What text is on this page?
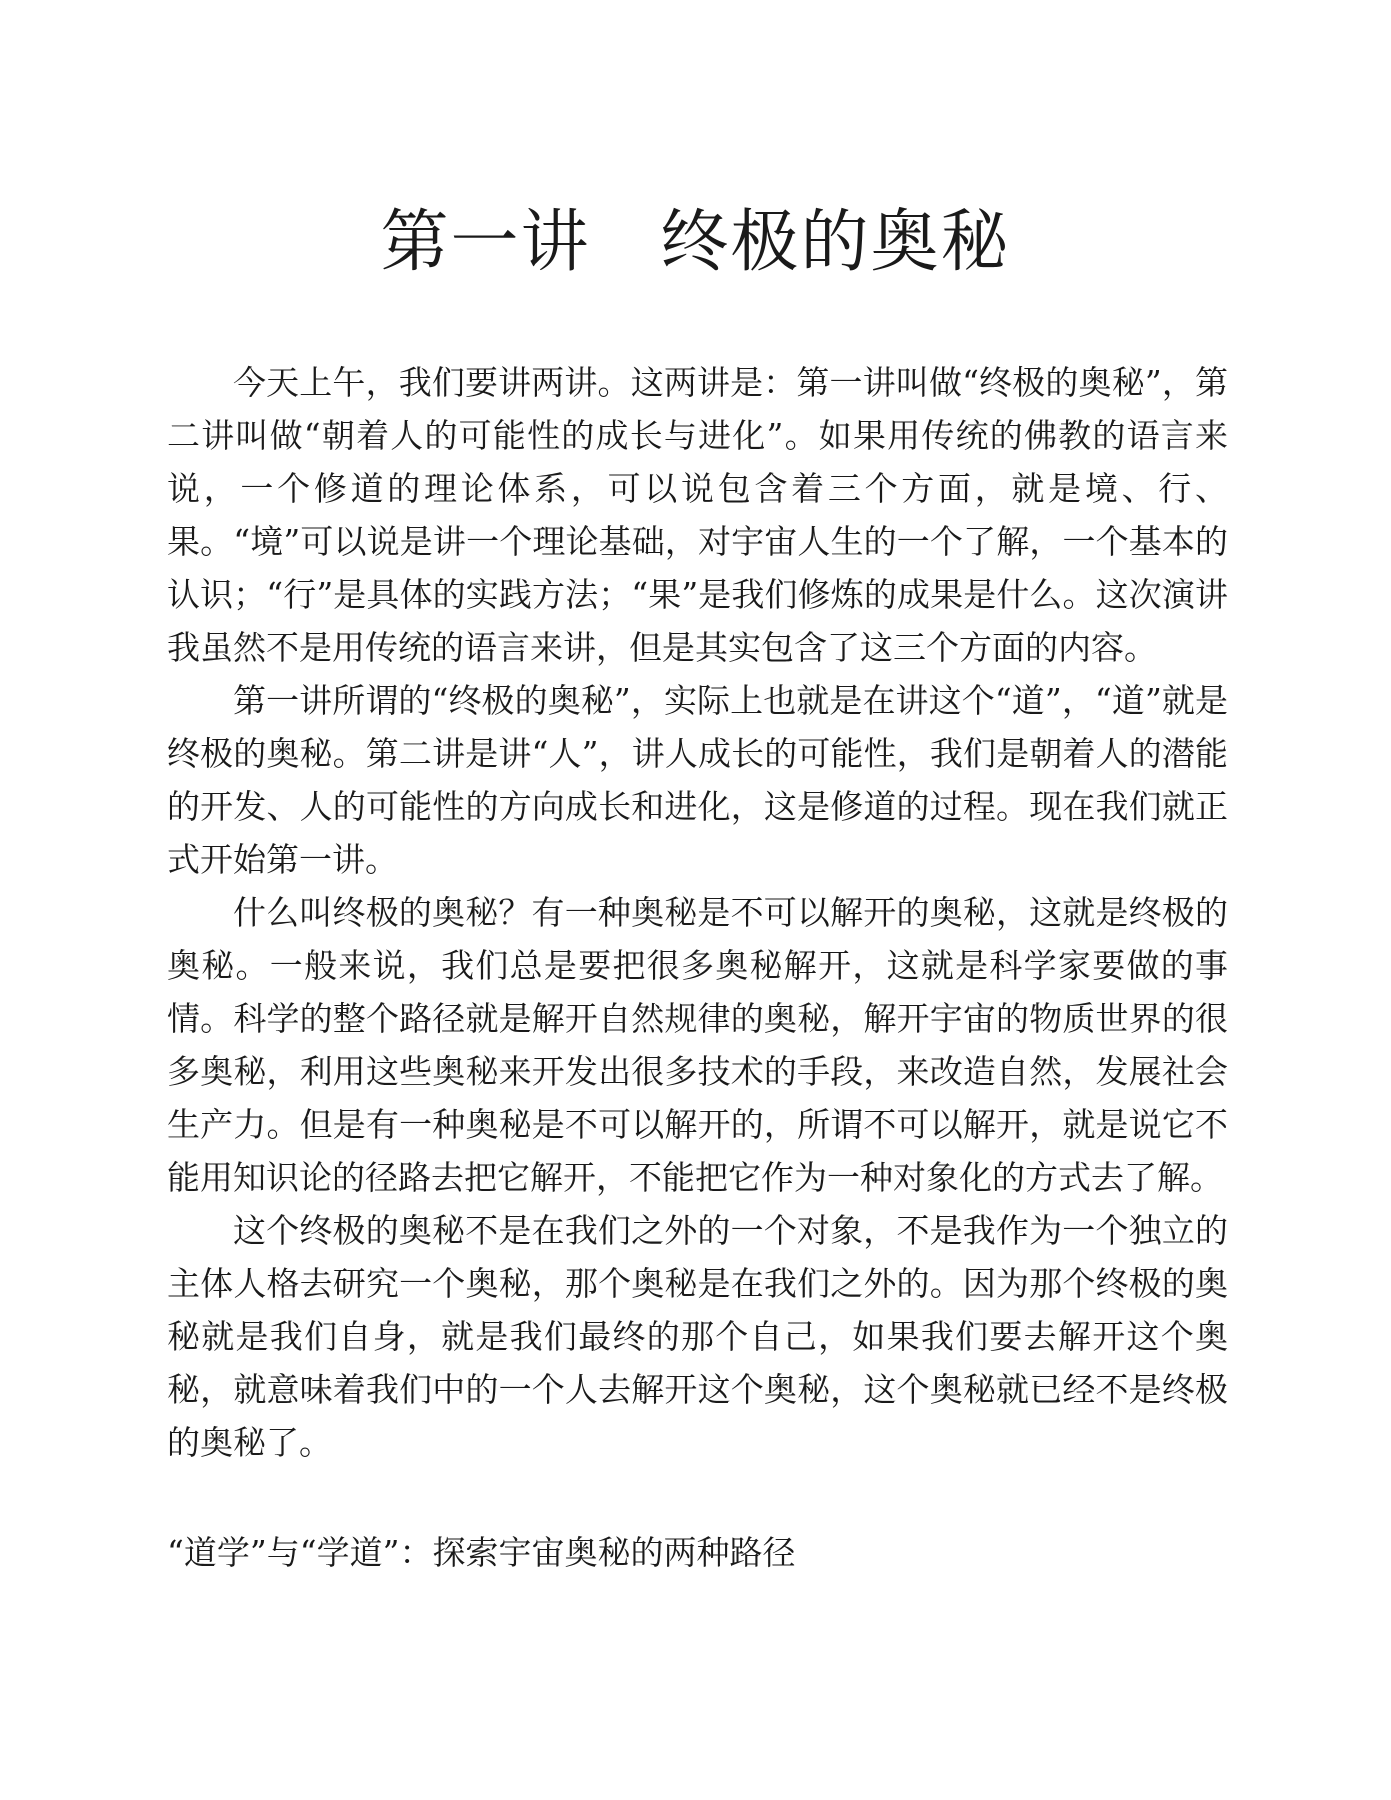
第一讲　终极的奥秘

今天上午，我们要讲两讲。这两讲是：第一讲叫做“终极的奥秘”，第二讲叫做“朝着人的可能性的成长与进化”。如果用传统的佛教的语言来说，一个修道的理论体系，可以说包含着三个方面，就是境、行、果。“境”可以说是讲一个理论基础，对宇宙人生的一个了解，一个基本的认识；“行”是具体的实践方法；“果”是我们修炼的成果是什么。这次演讲我虽然不是用传统的语言来讲，但是其实包含了这三个方面的内容。

第一讲所谓的“终极的奥秘”，实际上也就是在讲这个“道”，“道”就是终极的奥秘。第二讲是讲“人”，讲人成长的可能性，我们是朝着人的潜能的开发、人的可能性的方向成长和进化，这是修道的过程。现在我们就正式开始第一讲。

什么叫终极的奥秘？有一种奥秘是不可以解开的奥秘，这就是终极的奥秘。一般来说，我们总是要把很多奥秘解开，这就是科学家要做的事情。科学的整个路径就是解开自然规律的奥秘，解开宇宙的物质世界的很多奥秘，利用这些奥秘来开发出很多技术的手段，来改造自然，发展社会生产力。但是有一种奥秘是不可以解开的，所谓不可以解开，就是说它不能用知识论的径路去把它解开，不能把它作为一种对象化的方式去了解。

这个终极的奥秘不是在我们之外的一个对象，不是我作为一个独立的主体人格去研究一个奥秘，那个奥秘是在我们之外的。因为那个终极的奥秘就是我们自身，就是我们最终的那个自己，如果我们要去解开这个奥秘，就意味着我们中的一个人去解开这个奥秘，这个奥秘就已经不是终极的奥秘了。

“道学”与“学道”：探索宇宙奥秘的两种路径
